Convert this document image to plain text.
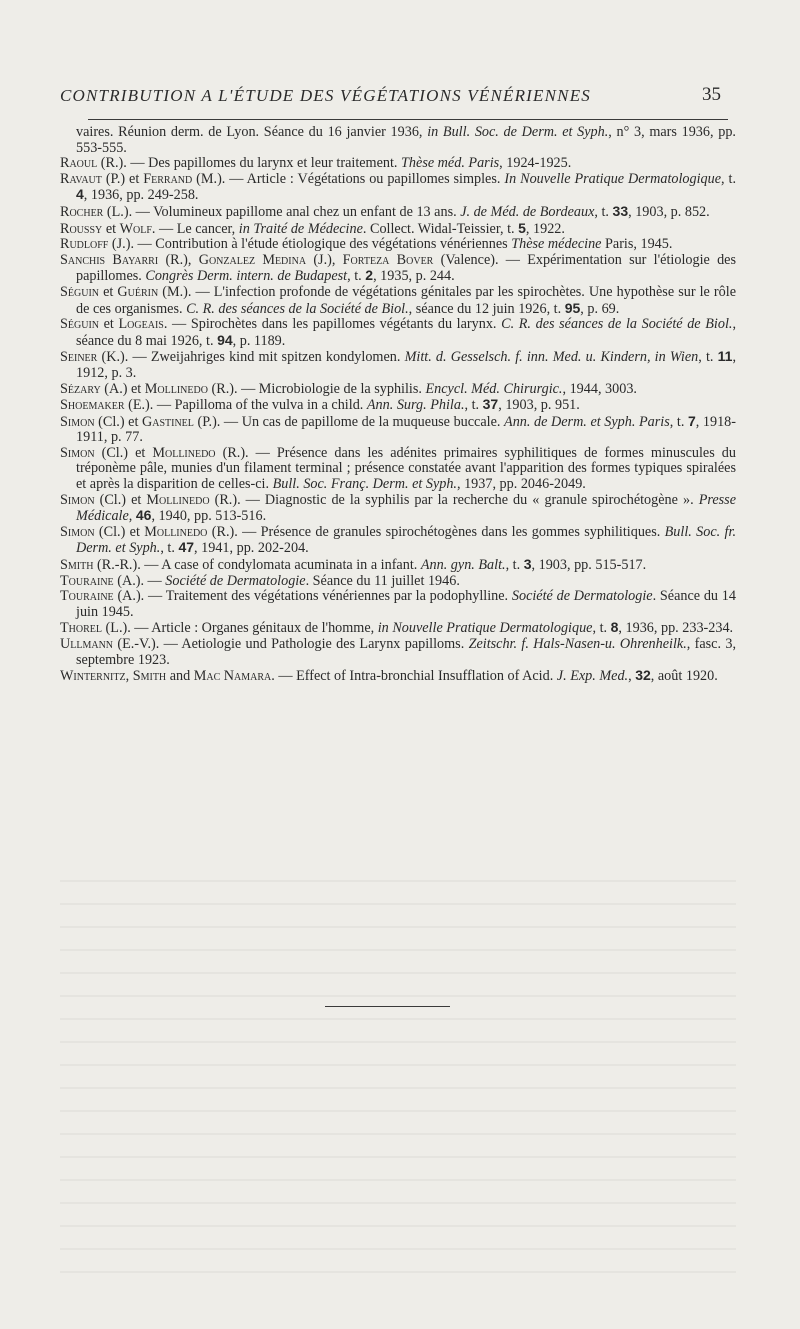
CONTRIBUTION A L'ÉTUDE DES VÉGÉTATIONS VÉNÉRIENNES	35

vaires. Réunion derm. de Lyon. Séance du 16 janvier 1936, in Bull. Soc. de Derm. et Syph., n° 3, mars 1936, pp. 553-555.

Raoul (R.). — Des papillomes du larynx et leur traitement. Thèse méd. Paris, 1924-1925.

Ravaut (P.) et Ferrand (M.). — Article : Végétations ou papillomes simples. In Nouvelle Pratique Dermatologique, t. 4, 1936, pp. 249-258.

Rocher (L.). — Volumineux papillome anal chez un enfant de 13 ans. J. de Méd. de Bordeaux, t. 33, 1903, p. 852.

Roussy et Wolf. — Le cancer, in Traité de Médecine. Collect. Widal-Teissier, t. 5, 1922.

Rudloff (J.). — Contribution à l'étude étiologique des végétations vénériennes Thèse médecine Paris, 1945.

Sanchis Bayarri (R.), Gonzalez Medina (J.), Forteza Bover (Valence). — Expérimentation sur l'étiologie des papillomes. Congrès Derm. intern. de Budapest, t. 2, 1935, p. 244.

Séguin et Guérin (M.). — L'infection profonde de végétations génitales par les spirochètes. Une hypothèse sur le rôle de ces organismes. C. R. des séances de la Société de Biol., séance du 12 juin 1926, t. 95, p. 69.

Séguin et Logeais. — Spirochètes dans les papillomes végétants du larynx. C. R. des séances de la Société de Biol., séance du 8 mai 1926, t. 94, p. 1189.

Seiner (K.). — Zweijahriges kind mit spitzen kondylomen. Mitt. d. Gesselsch. f. inn. Med. u. Kindern, in Wien, t. 11, 1912, p. 3.

Sézary (A.) et Mollinedo (R.). — Microbiologie de la syphilis. Encycl. Méd. Chirurgic., 1944, 3003.

Shoemaker (E.). — Papilloma of the vulva in a child. Ann. Surg. Phila., t. 37, 1903, p. 951.

Simon (Cl.) et Gastinel (P.). — Un cas de papillome de la muqueuse buccale. Ann. de Derm. et Syph. Paris, t. 7, 1918-1911, p. 77.

Simon (Cl.) et Mollinedo (R.). — Présence dans les adénites primaires syphilitiques de formes minuscules du tréponème pâle, munies d'un filament terminal ; présence constatée avant l'apparition des formes typiques spiralées et après la disparition de celles-ci. Bull. Soc. Franç. Derm. et Syph., 1937, pp. 2046-2049.

Simon (Cl.) et Mollinedo (R.). — Diagnostic de la syphilis par la recherche du « granule spirochétogène ». Presse Médicale, 46, 1940, pp. 513-516.

Simon (Cl.) et Mollinedo (R.). — Présence de granules spirochétogènes dans les gommes syphilitiques. Bull. Soc. fr. Derm. et Syph., t. 47, 1941, pp. 202-204.

Smith (R.-R.). — A case of condylomata acuminata in a infant. Ann. gyn. Balt., t. 3, 1903, pp. 515-517.

Touraine (A.). — Société de Dermatologie. Séance du 11 juillet 1946.

Touraine (A.). — Traitement des végétations vénériennes par la podophylline. Société de Dermatologie. Séance du 14 juin 1945.

Thorel (L.). — Article : Organes génitaux de l'homme, in Nouvelle Pratique Dermatologique, t. 8, 1936, pp. 233-234.

Ullmann (E.-V.). — Aetiologie und Pathologie des Larynx papilloms. Zeitschr. f. Hals-Nasen-u. Ohrenheilk., fasc. 3, septembre 1923.

Winternitz, Smith and Mac Namara. — Effect of Intra-bronchial Insufflation of Acid. J. Exp. Med., 32, août 1920.
